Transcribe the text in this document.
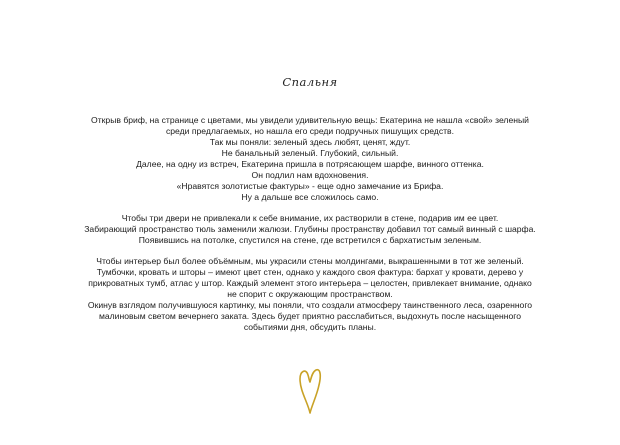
Спальня
Открыв бриф, на странице с цветами, мы увидели удивительную вещь: Екатерина не нашла «свой» зеленый
среди предлагаемых, но нашла его среди подручных пишущих средств.
Так мы поняли: зеленый здесь любят, ценят, ждут.
Не банальный зеленый. Глубокий, сильный.
Далее, на одну из встреч, Екатерина пришла в потрясающем шарфе, винного оттенка.
Он подлил нам вдохновения.
«Нравятся золотистые фактуры» - еще одно замечание из Брифа.
Ну а дальше все сложилось само.
Чтобы три двери не привлекали к себе внимание, их растворили в стене, подарив им ее цвет.
Забирающий пространство тюль заменили жалюзи. Глубины пространству добавил тот самый винный с шарфа.
Появившись на потолке, спустился на стене, где встретился с бархатистым зеленым.
Чтобы интерьер был более объёмным, мы украсили стены молдингами, выкрашенными в тот же зеленый.
Тумбочки, кровать и шторы – имеют цвет стен, однако у каждого своя фактура: бархат у кровати, дерево у
прикроватных тумб, атлас у штор. Каждый элемент этого интерьера – целостен, привлекает внимание, однако
не спорит с окружающим пространством.
Окинув взглядом получившуюся картинку, мы поняли, что создали атмосферу таинственного леса, озаренного
малиновым светом вечернего заката. Здесь будет приятно расслабиться, выдохнуть после насыщенного
событиями дня, обсудить планы.
